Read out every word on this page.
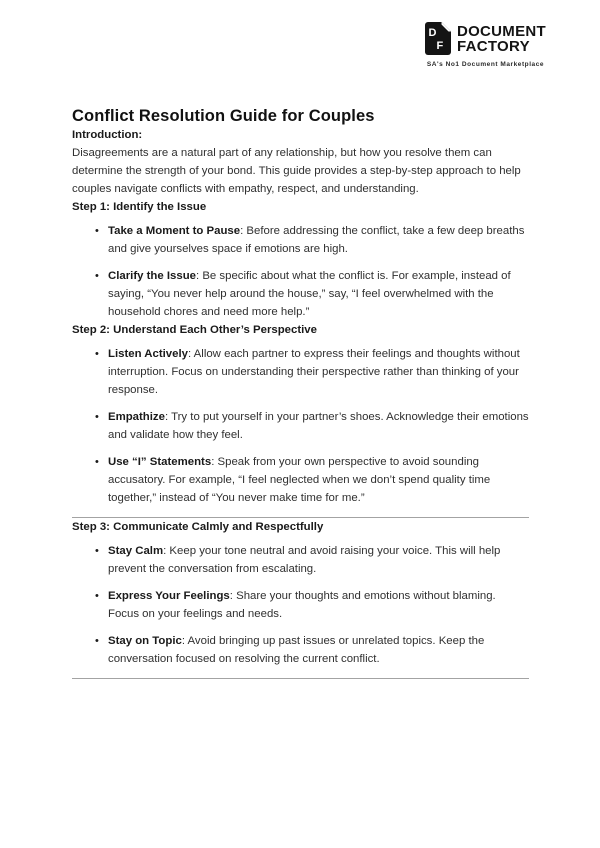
D
F
DOCUMENT
FACTORY
SA's No1 Document Marketplace
Conflict Resolution Guide for Couples

Introduction:

Disagreements are a natural part of any relationship, but how you resolve them can determine the strength of your bond. This guide provides a step-by-step approach to help couples navigate conflicts with empathy, respect, and understanding.

Step 1: Identify the Issue

• Take a Moment to Pause: Before addressing the conflict, take a few deep breaths and give yourselves space if emotions are high.

• Clarify the Issue: Be specific about what the conflict is. For example, instead of saying, “You never help around the house,” say, “I feel overwhelmed with the household chores and need more help.”

Step 2: Understand Each Other’s Perspective

• Listen Actively: Allow each partner to express their feelings and thoughts without interruption. Focus on understanding their perspective rather than thinking of your response.

• Empathize: Try to put yourself in your partner’s shoes. Acknowledge their emotions and validate how they feel.

• Use “I” Statements: Speak from your own perspective to avoid sounding accusatory. For example, “I feel neglected when we don’t spend quality time together,” instead of “You never make time for me.”

Step 3: Communicate Calmly and Respectfully

• Stay Calm: Keep your tone neutral and avoid raising your voice. This will help prevent the conversation from escalating.

• Express Your Feelings: Share your thoughts and emotions without blaming. Focus on your feelings and needs.

• Stay on Topic: Avoid bringing up past issues or unrelated topics. Keep the conversation focused on resolving the current conflict.
